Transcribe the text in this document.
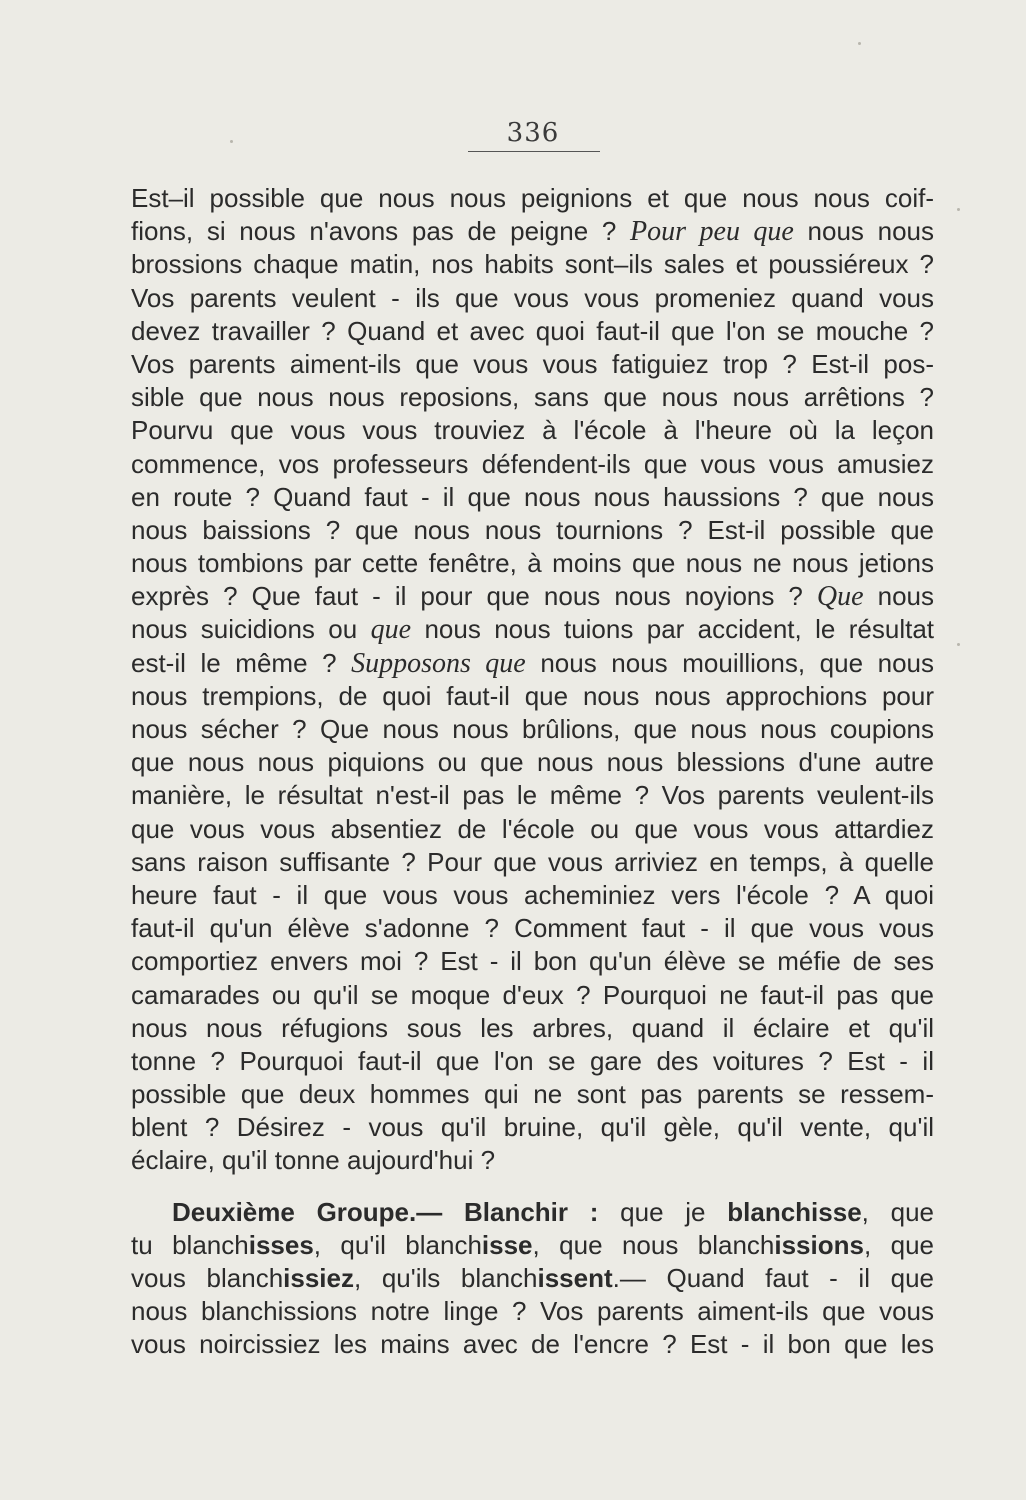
336
Est–il possible que nous nous peignions et que nous nous coif-
fions, si nous n'avons pas de peigne ? Pour peu que nous nous
brossions chaque matin, nos habits sont–ils sales et poussiéreux ?
Vos parents veulent - ils que vous vous promeniez quand vous
devez travailler ? Quand et avec quoi faut-il que l'on se mouche ?
Vos parents aiment-ils que vous vous fatiguiez trop ? Est-il pos-
sible que nous nous reposions, sans que nous nous arrêtions ?
Pourvu que vous vous trouviez à l'école à l'heure où la leçon
commence, vos professeurs défendent-ils que vous vous amusiez
en route ? Quand faut - il que nous nous haussions ? que nous
nous baissions ? que nous nous tournions ? Est-il possible que
nous tombions par cette fenêtre, à moins que nous ne nous jetions
exprès ? Que faut - il pour que nous nous noyions ? Que nous
nous suicidions ou que nous nous tuions par accident, le résultat
est-il le même ? Supposons que nous nous mouillions, que nous
nous trempions, de quoi faut-il que nous nous approchions pour
nous sécher ? Que nous nous brûlions, que nous nous coupions
que nous nous piquions ou que nous nous blessions d'une autre
manière, le résultat n'est-il pas le même ? Vos parents veulent-ils
que vous vous absentiez de l'école ou que vous vous attardiez
sans raison suffisante ? Pour que vous arriviez en temps, à quelle
heure faut - il que vous vous acheminiez vers l'école ? A quoi
faut-il qu'un élève s'adonne ? Comment faut - il que vous vous
comportiez envers moi ? Est - il bon qu'un élève se méfie de ses
camarades ou qu'il se moque d'eux ? Pourquoi ne faut-il pas que
nous nous réfugions sous les arbres, quand il éclaire et qu'il
tonne ? Pourquoi faut-il que l'on se gare des voitures ? Est - il
possible que deux hommes qui ne sont pas parents se ressem-
blent ? Désirez - vous qu'il bruine, qu'il gèle, qu'il vente, qu'il
éclaire, qu'il tonne aujourd'hui ?
Deuxième Groupe.— Blanchir : que je blanchisse, que
tu blanchisses, qu'il blanchisse, que nous blanchissions, que
vous blanchissiez, qu'ils blanchissent.— Quand faut - il que
nous blanchissions notre linge ? Vos parents aiment-ils que vous
vous noircissiez les mains avec de l'encre ? Est - il bon que les
